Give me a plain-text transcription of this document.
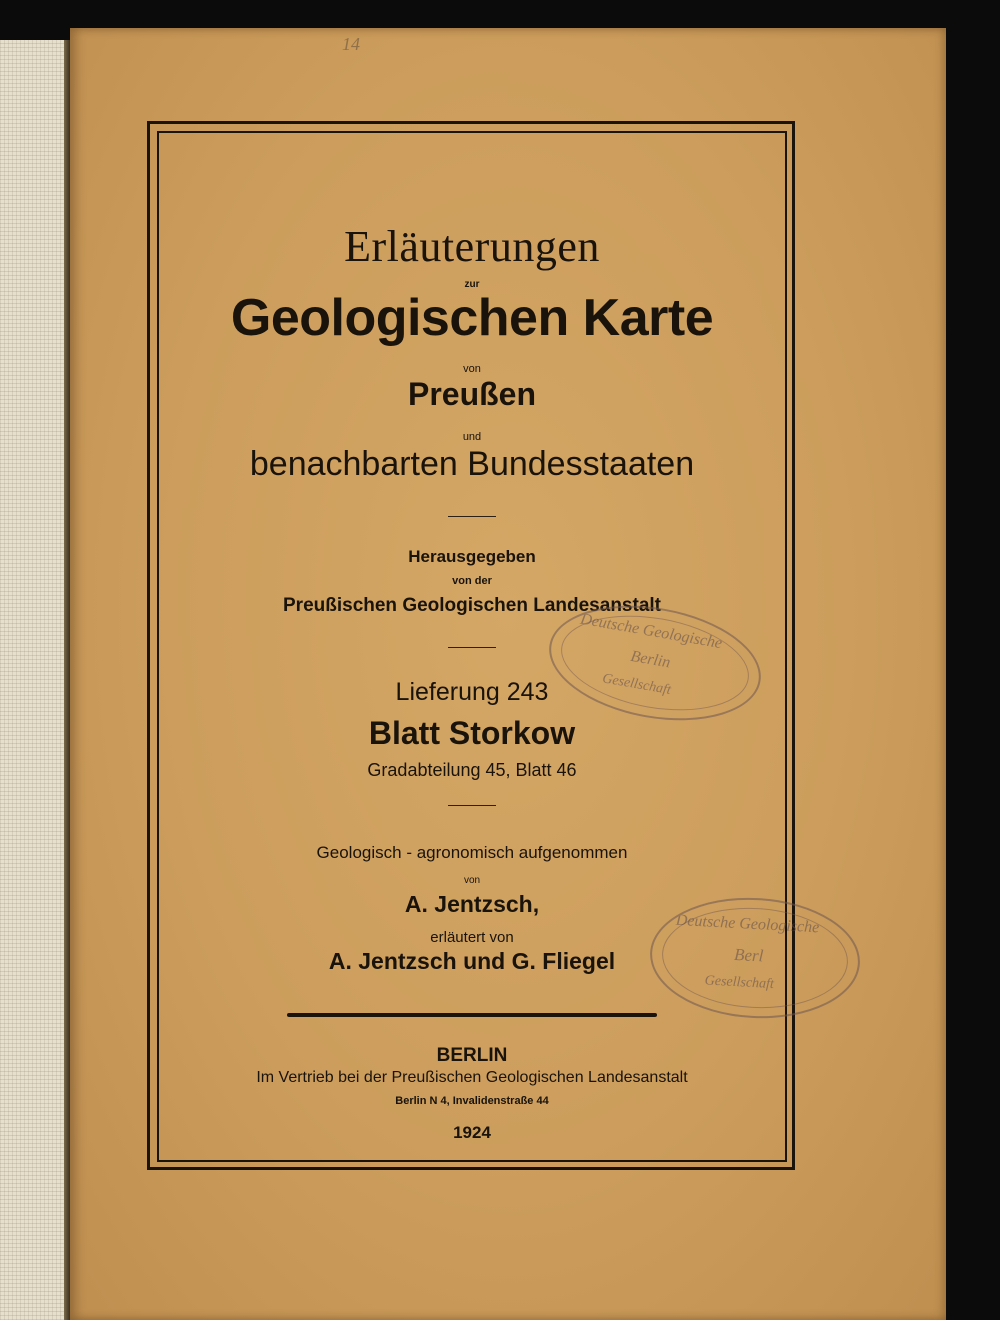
14

Erläuterungen

zur

Geologischen Karte

von

Preußen

und

benachbarten Bundesstaaten

Herausgegeben

von der

Preußischen Geologischen Landesanstalt

Lieferung 243

Blatt Storkow

Gradabteilung 45, Blatt 46

Geologisch - agronomisch aufgenommen

von

A. Jentzsch,

erläutert von

A. Jentzsch und G. Fliegel

BERLIN

Im Vertrieb bei der Preußischen Geologischen Landesanstalt

Berlin N 4, Invalidenstraße 44

1924

Deutsche Geologische
Berlin
Gesellschaft
Deutsche Geologische
Berl
Gesellschaft
